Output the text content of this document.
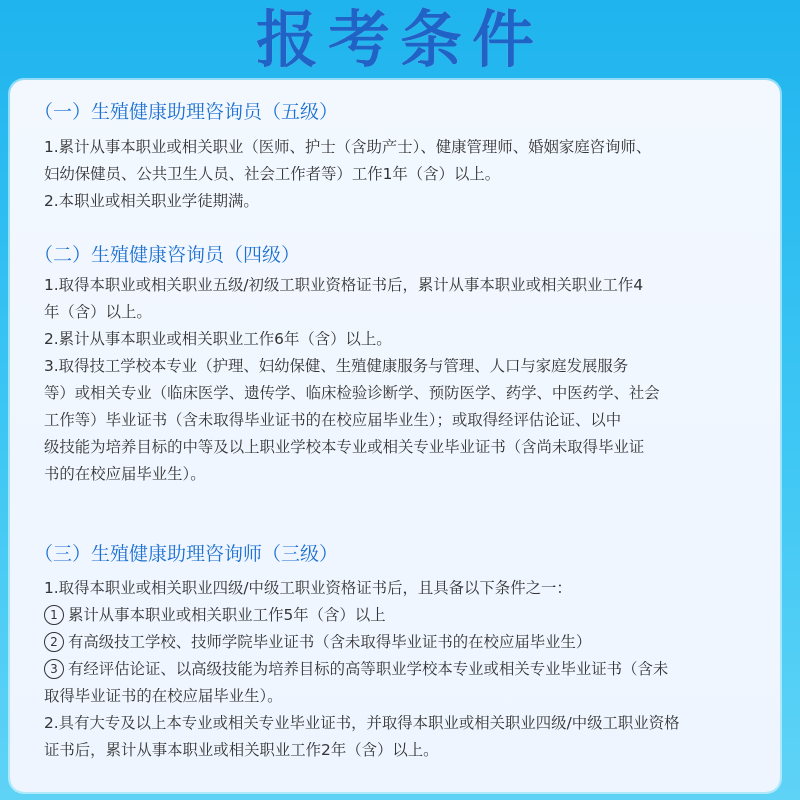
报考条件
（一）生殖健康助理咨询员（五级）
1.累计从事本职业或相关职业（医师、护士（含助产士）、健康管理师、婚姻家庭咨询师、
妇幼保健员、公共卫生人员、社会工作者等）工作1年（含）以上。
2.本职业或相关职业学徒期满。
（二）生殖健康咨询员（四级）
1.取得本职业或相关职业五级/初级工职业资格证书后，累计从事本职业或相关职业工作4
年（含）以上。
2.累计从事本职业或相关职业工作6年（含）以上。
3.取得技工学校本专业（护理、妇幼保健、生殖健康服务与管理、人口与家庭发展服务
等）或相关专业（临床医学、遗传学、临床检验诊断学、预防医学、药学、中医药学、社会
工作等）毕业证书（含未取得毕业证书的在校应届毕业生）；或取得经评估论证、以中
级技能为培养目标的中等及以上职业学校本专业或相关专业毕业证书（含尚未取得毕业证
书的在校应届毕业生）。
（三）生殖健康助理咨询师（三级）
1.取得本职业或相关职业四级/中级工职业资格证书后，且具备以下条件之一：
1 累计从事本职业或相关职业工作5年（含）以上
2 有高级技工学校、技师学院毕业证书（含未取得毕业证书的在校应届毕业生）
3 有经评估论证、以高级技能为培养目标的高等职业学校本专业或相关专业毕业证书（含未
取得毕业证书的在校应届毕业生）。
2.具有大专及以上本专业或相关专业毕业证书，并取得本职业或相关职业四级/中级工职业资格
证书后，累计从事本职业或相关职业工作2年（含）以上。
